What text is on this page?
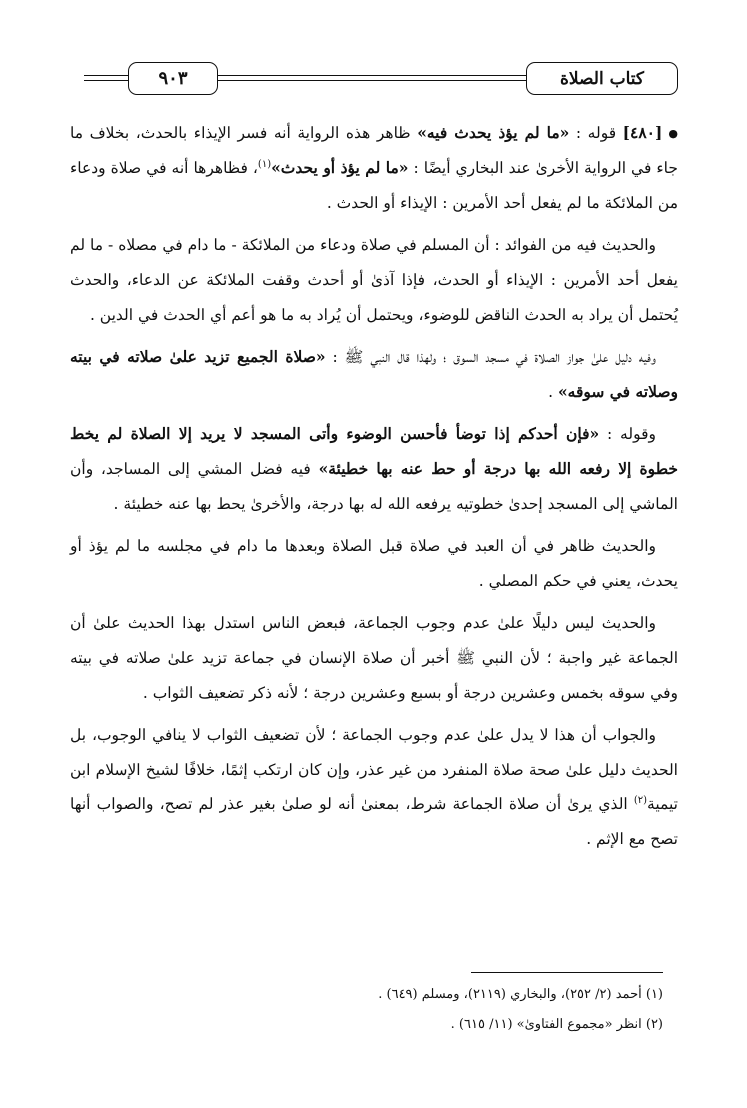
كتاب الصلاة
٩٠٣

●[٤٨٠] قوله : «ما لم يؤذ يحدث فيه» ظاهر هذه الرواية أنه فسر الإيذاء بالحدث، بخلاف ما جاء في الرواية الأخرىٰ عند البخاري أيضًا : «ما لم يؤذ أو يحدث»$^{(١)}$، فظاهرها أنه في صلاة ودعاء من الملائكة ما لم يفعل أحد الأمرين : الإيذاء أو الحدث .

والحديث فيه من الفوائد : أن المسلم في صلاة ودعاء من الملائكة - ما دام في مصلاه - ما لم يفعل أحد الأمرين : الإيذاء أو الحدث، فإذا آذىٰ أو أحدث وقفت الملائكة عن الدعاء، والحدث يُحتمل أن يراد به الحدث الناقض للوضوء، ويحتمل أن يُراد به ما هو أعم أي الحدث في الدين .

وفيه دليل علىٰ جواز الصلاة في مسجد السوق ؛ ولهذا قال النبي ﷺ : «صلاة الجميع تزيد علىٰ صلاته في بيته وصلاته في سوقه» .

وقوله : «فإن أحدكم إذا توضأ فأحسن الوضوء وأتى المسجد لا يريد إلا الصلاة لم يخط خطوة إلا رفعه الله بها درجة أو حط عنه بها خطيئة» فيه فضل المشي إلى المساجد، وأن الماشي إلى المسجد إحدىٰ خطوتيه يرفعه الله له بها درجة، والأخرىٰ يحط بها عنه خطيئة .

والحديث ظاهر في أن العبد في صلاة قبل الصلاة وبعدها ما دام في مجلسه ما لم يؤذ أو يحدث، يعني في حكم المصلي .

والحديث ليس دليلًا علىٰ عدم وجوب الجماعة، فبعض الناس استدل بهذا الحديث علىٰ أن الجماعة غير واجبة ؛ لأن النبي ﷺ أخبر أن صلاة الإنسان في جماعة تزيد علىٰ صلاته في بيته وفي سوقه بخمس وعشرين درجة أو بسبع وعشرين درجة ؛ لأنه ذكر تضعيف الثواب .

والجواب أن هذا لا يدل علىٰ عدم وجوب الجماعة ؛ لأن تضعيف الثواب لا ينافي الوجوب، بل الحديث دليل علىٰ صحة صلاة المنفرد من غير عذر، وإن كان ارتكب إثمًا، خلافًا لشيخ الإسلام ابن تيمية$^{(٢)}$ الذي يرىٰ أن صلاة الجماعة شرط، بمعنىٰ أنه لو صلىٰ بغير عذر لم تصح، والصواب أنها تصح مع الإثم .

(١) أحمد (٢/ ٢٥٢)، والبخاري (٢١١٩)، ومسلم (٦٤٩) .

(٢) انظر «مجموع الفتاوىٰ» (١١/ ٦١٥) .
